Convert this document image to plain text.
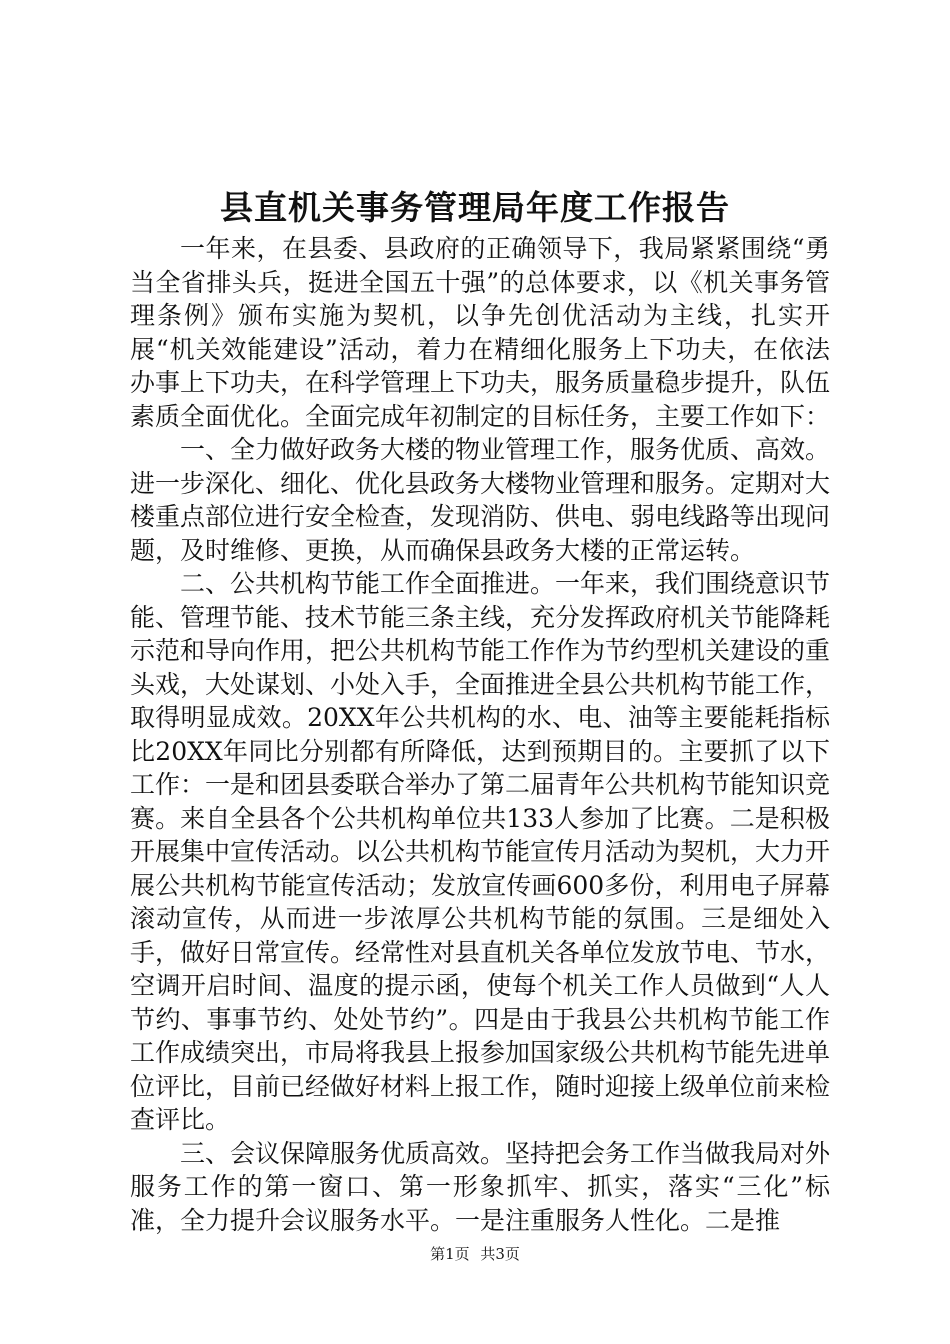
县直机关事务管理局年度工作报告

一年来，在县委、县政府的正确领导下，我局紧紧围绕“勇当全省排头兵，挺进全国五十强”的总体要求，以《机关事务管理条例》颁布实施为契机，以争先创优活动为主线，扎实开展“机关效能建设”活动，着力在精细化服务上下功夫，在依法办事上下功夫，在科学管理上下功夫，服务质量稳步提升，队伍素质全面优化。全面完成年初制定的目标任务，主要工作如下：

一、全力做好政务大楼的物业管理工作，服务优质、高效。进一步深化、细化、优化县政务大楼物业管理和服务。定期对大楼重点部位进行安全检查，发现消防、供电、弱电线路等出现问题，及时维修、更换，从而确保县政务大楼的正常运转。

二、公共机构节能工作全面推进。一年来，我们围绕意识节能、管理节能、技术节能三条主线，充分发挥政府机关节能降耗示范和导向作用，把公共机构节能工作作为节约型机关建设的重头戏，大处谋划、小处入手，全面推进全县公共机构节能工作，取得明显成效。20XX年公共机构的水、电、油等主要能耗指标比20XX年同比分别都有所降低，达到预期目的。主要抓了以下工作：一是和团县委联合举办了第二届青年公共机构节能知识竞赛。来自全县各个公共机构单位共133人参加了比赛。二是积极开展集中宣传活动。以公共机构节能宣传月活动为契机，大力开展公共机构节能宣传活动；发放宣传画600多份，利用电子屏幕滚动宣传，从而进一步浓厚公共机构节能的氛围。三是细处入手，做好日常宣传。经常性对县直机关各单位发放节电、节水，空调开启时间、温度的提示函，使每个机关工作人员做到“人人节约、事事节约、处处节约”。四是由于我县公共机构节能工作工作成绩突出，市局将我县上报参加国家级公共机构节能先进单位评比，目前已经做好材料上报工作，随时迎接上级单位前来检查评比。

三、会议保障服务优质高效。坚持把会务工作当做我局对外服务工作的第一窗口、第一形象抓牢、抓实，落实“三化”标准，全力提升会议服务水平。一是注重服务人性化。二是推

第1页 共3页
